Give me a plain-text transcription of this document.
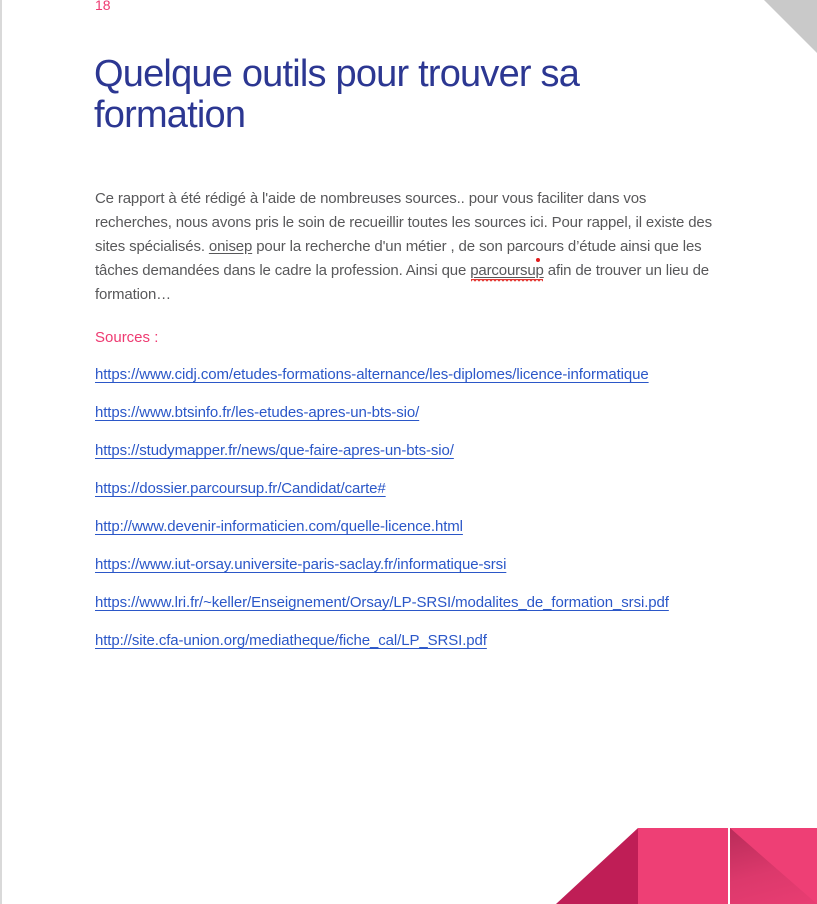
18
Quelque outils pour trouver sa
formation
Ce rapport à été rédigé à l'aide de nombreuses sources.. pour vous faciliter dans vos
recherches, nous avons pris le soin de recueillir toutes les sources ici. Pour rappel, il existe des
sites spécialisés. onisep pour la recherche d'un métier , de son parcours d’étude ainsi que les
tâches demandées dans le cadre la profession. Ainsi que parcoursup afin de trouver un lieu de
formation…
Sources :
https://www.cidj.com/etudes-formations-alternance/les-diplomes/licence-informatique
https://www.btsinfo.fr/les-etudes-apres-un-bts-sio/
https://studymapper.fr/news/que-faire-apres-un-bts-sio/
https://dossier.parcoursup.fr/Candidat/carte#
http://www.devenir-informaticien.com/quelle-licence.html
https://www.iut-orsay.universite-paris-saclay.fr/informatique-srsi
https://www.lri.fr/~keller/Enseignement/Orsay/LP-SRSI/modalites_de_formation_srsi.pdf
http://site.cfa-union.org/mediatheque/fiche_cal/LP_SRSI.pdf
